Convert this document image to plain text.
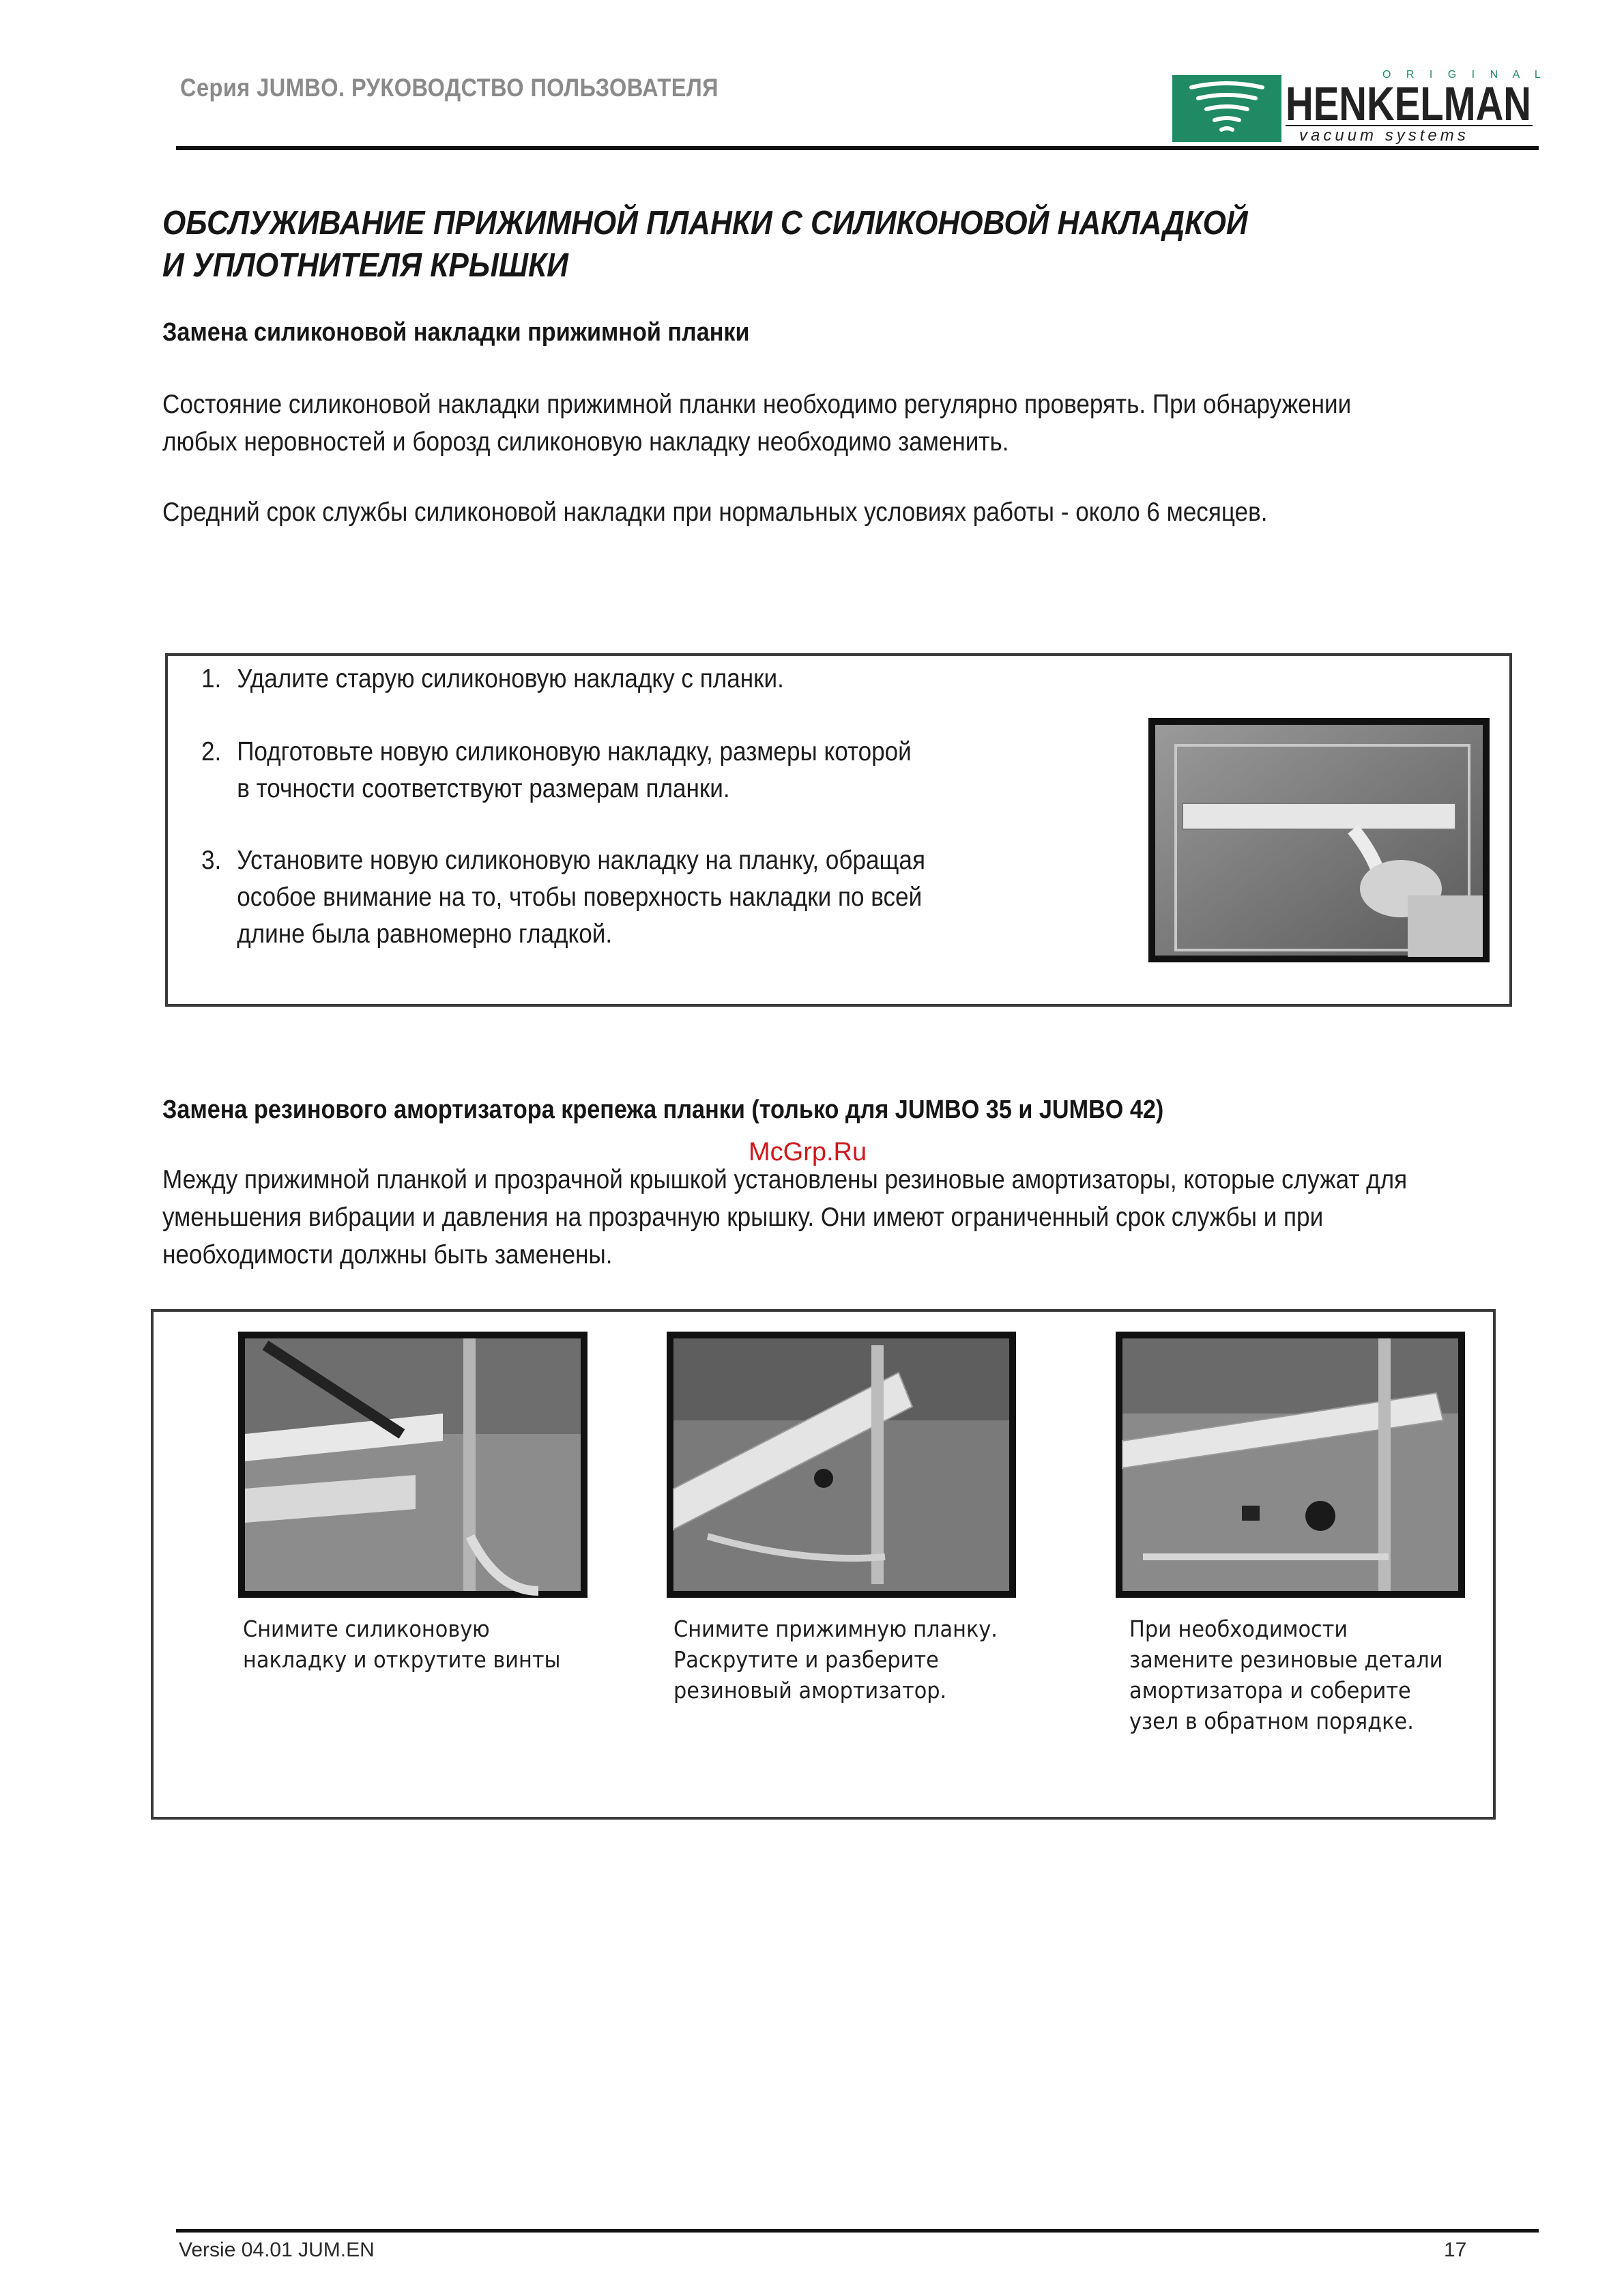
Серия JUMBO. РУКОВОДСТВО ПОЛЬЗОВАТЕЛЯ	O R I G I N A L
HENKELMAN
vacuum systems
ОБСЛУЖИВАНИЕ ПРИЖИМНОЙ ПЛАНКИ С СИЛИКОНОВОЙ НАКЛАДКОЙ
И УПЛОТНИТЕЛЯ КРЫШКИ
Замена силиконовой накладки прижимной планки
Состояние силиконовой накладки прижимной планки необходимо регулярно проверять. При обнаружении
любых неровностей и борозд силиконовую накладку необходимо заменить.
Средний срок службы силиконовой накладки при нормальных условиях работы - около 6 месяцев.
1. Удалите старую силиконовую накладку с планки.
2. Подготовьте новую силиконовую накладку, размеры которой
в точности соответствуют размерам планки.
3. Установите новую силиконовую накладку на планку, обращая
особое внимание на то, чтобы поверхность накладки по всей
длине была равномерно гладкой.
Замена резинового амортизатора крепежа планки (только для JUMBO 35 и JUMBO 42)
McGrp.Ru
Между прижимной планкой и прозрачной крышкой установлены резиновые амортизаторы, которые служат для
уменьшения вибрации и давления на прозрачную крышку. Они имеют ограниченный срок службы и при
необходимости должны быть заменены.
Снимите силиконовую
накладку и открутите винты
Снимите прижимную планку.
Раскрутите и разберите
резиновый амортизатор.
При необходимости
замените резиновые детали
амортизатора и соберите
узел в обратном порядке.
Versie 04.01 JUM.EN	17
